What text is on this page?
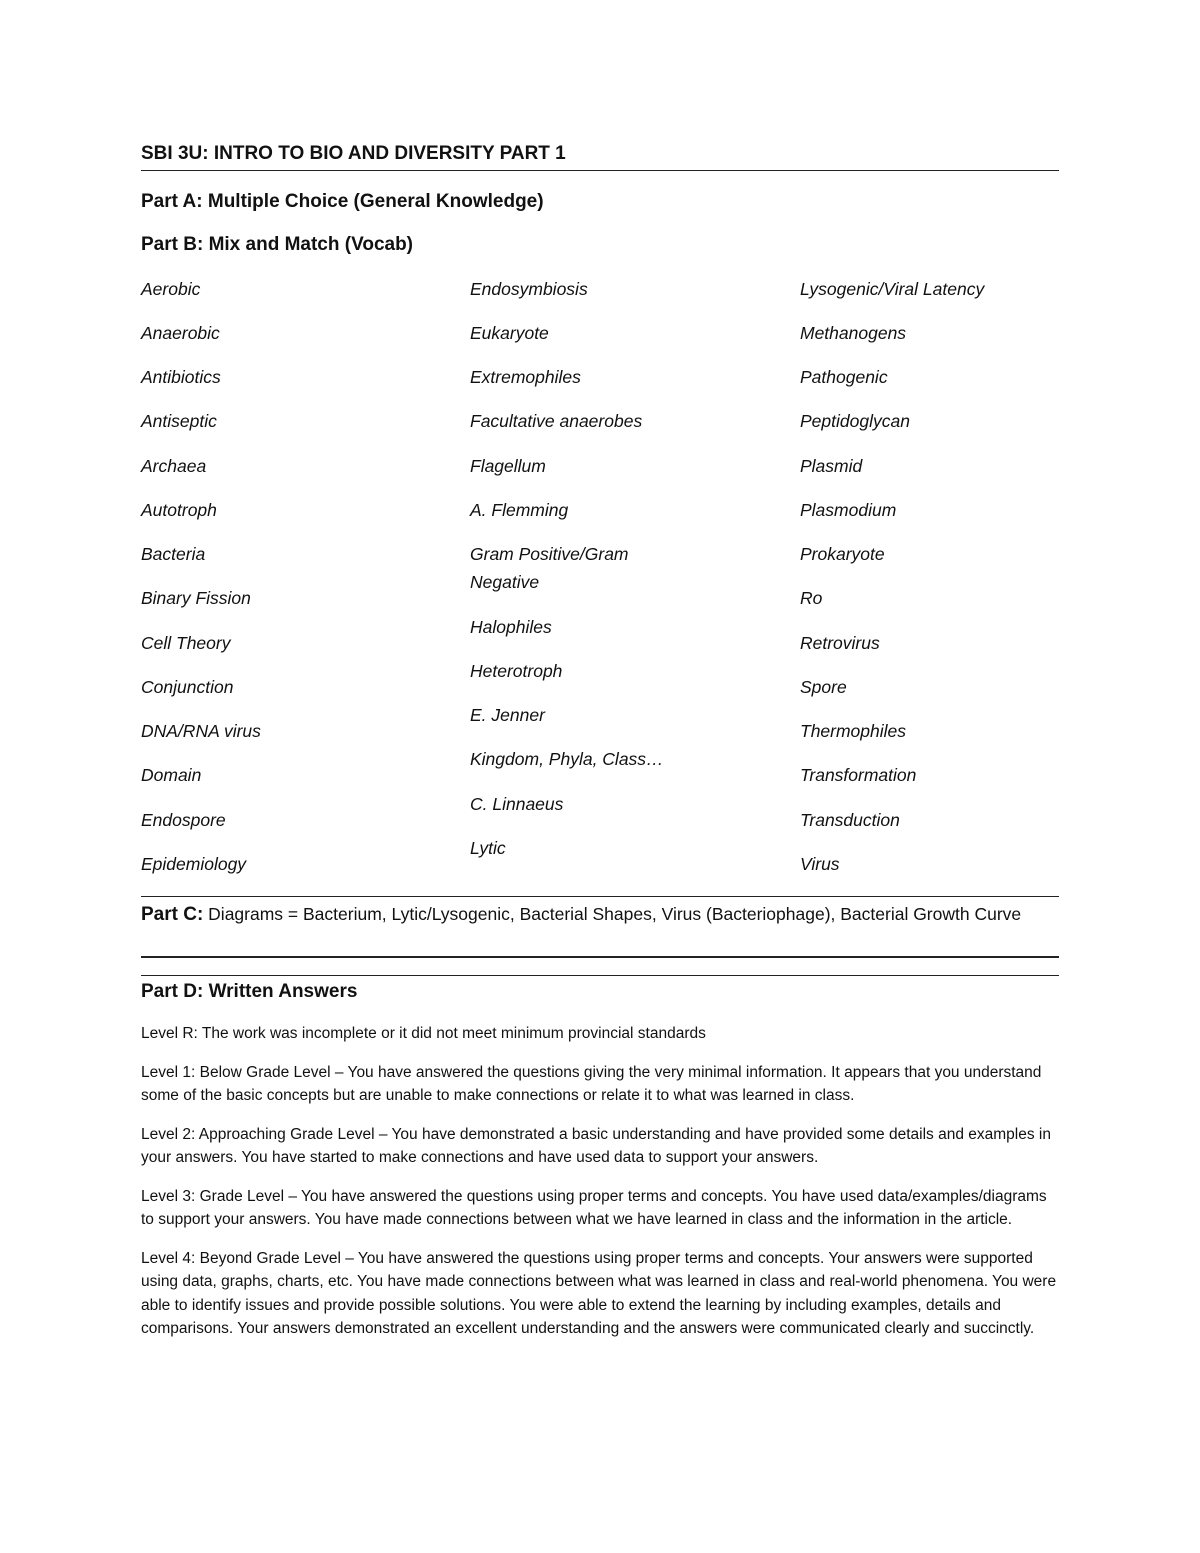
SBI 3U: INTRO TO BIO AND DIVERSITY PART 1
Part A: Multiple Choice (General Knowledge)
Part B: Mix and Match (Vocab)
Aerobic
Anaerobic
Antibiotics
Antiseptic
Archaea
Autotroph
Bacteria
Binary Fission
Cell Theory
Conjunction
DNA/RNA virus
Domain
Endospore
Epidemiology
Endosymbiosis
Eukaryote
Extremophiles
Facultative anaerobes
Flagellum
A. Flemming
Gram Positive/Gram
Negative
Halophiles
Heterotroph
E. Jenner
Kingdom, Phyla, Class…
C. Linnaeus
Lytic
Lysogenic/Viral Latency
Methanogens
Pathogenic
Peptidoglycan
Plasmid
Plasmodium
Prokaryote
Ro
Retrovirus
Spore
Thermophiles
Transformation
Transduction
Virus
Part C: Diagrams = Bacterium, Lytic/Lysogenic, Bacterial Shapes, Virus (Bacteriophage), Bacterial Growth Curve
Part D: Written Answers

Level R: The work was incomplete or it did not meet minimum provincial standards

Level 1: Below Grade Level – You have answered the questions giving the very minimal information. It appears that you understand some of the basic concepts but are unable to make connections or relate it to what was learned in class.

Level 2: Approaching Grade Level – You have demonstrated a basic understanding and have provided some details and examples in your answers. You have started to make connections and have used data to support your answers.

Level 3: Grade Level – You have answered the questions using proper terms and concepts. You have used data/examples/diagrams to support your answers. You have made connections between what we have learned in class and the information in the article.

Level 4: Beyond Grade Level – You have answered the questions using proper terms and concepts. Your answers were supported using data, graphs, charts, etc. You have made connections between what was learned in class and real-world phenomena. You were able to identify issues and provide possible solutions. You were able to extend the learning by including examples, details and comparisons. Your answers demonstrated an excellent understanding and the answers were communicated clearly and succinctly.
